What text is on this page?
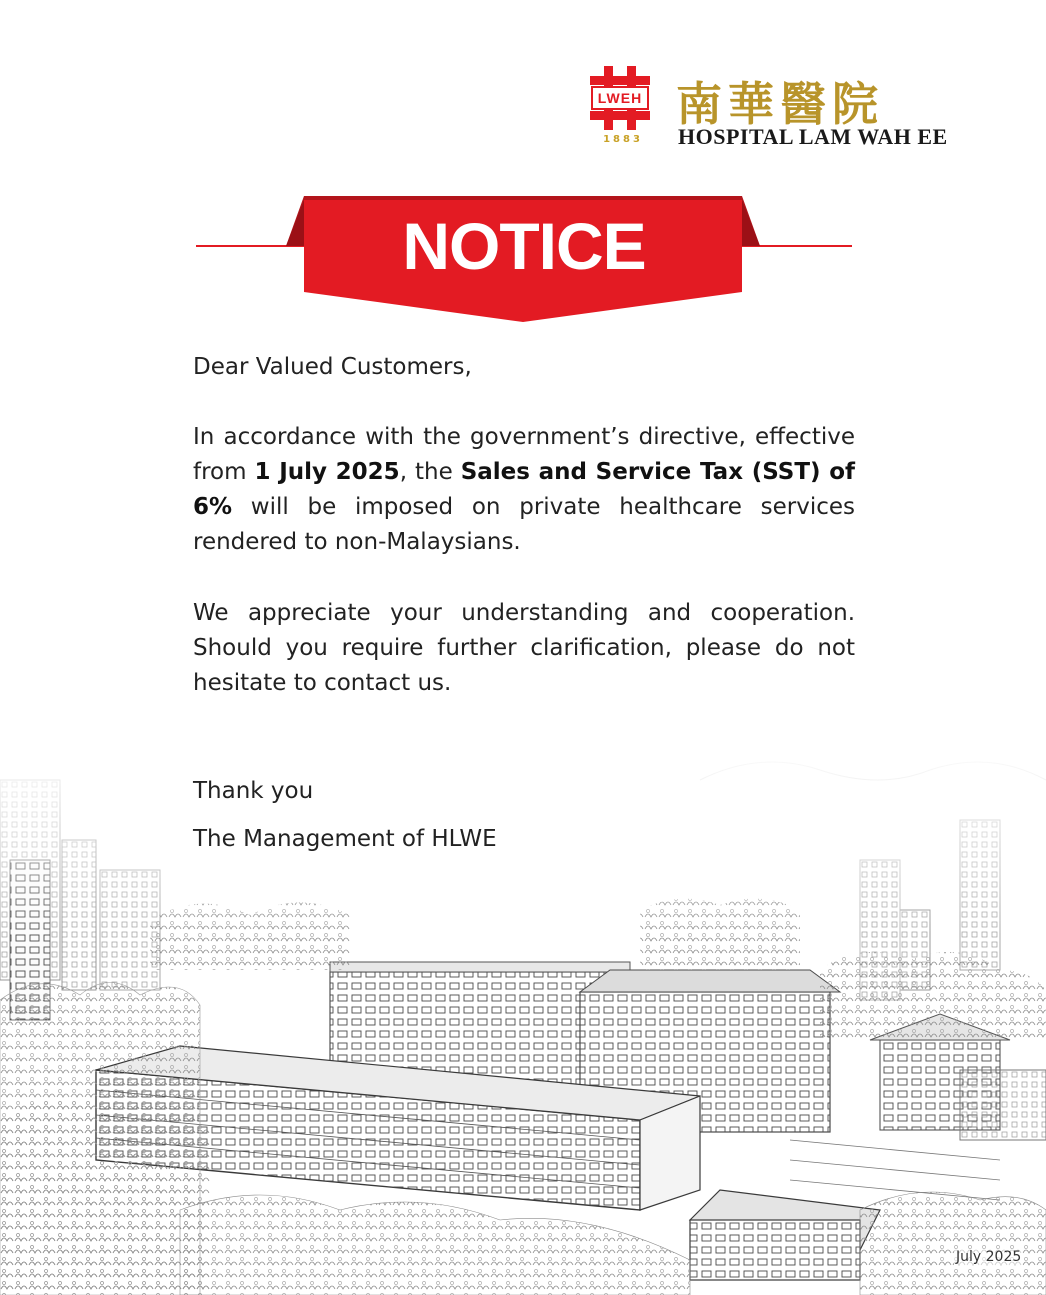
LWEH
1883
南華醫院
HOSPITAL LAM WAH EE
NOTICE
Dear Valued Customers,
In accordance with the government’s directive, effective from 1 July 2025, the Sales and Service Tax (SST) of 6% will be imposed on private healthcare services rendered to non-Malaysians.
We appreciate your understanding and cooperation. Should you require further clarification, please do not hesitate to contact us.
Thank you
The Management of HLWE
July 2025
